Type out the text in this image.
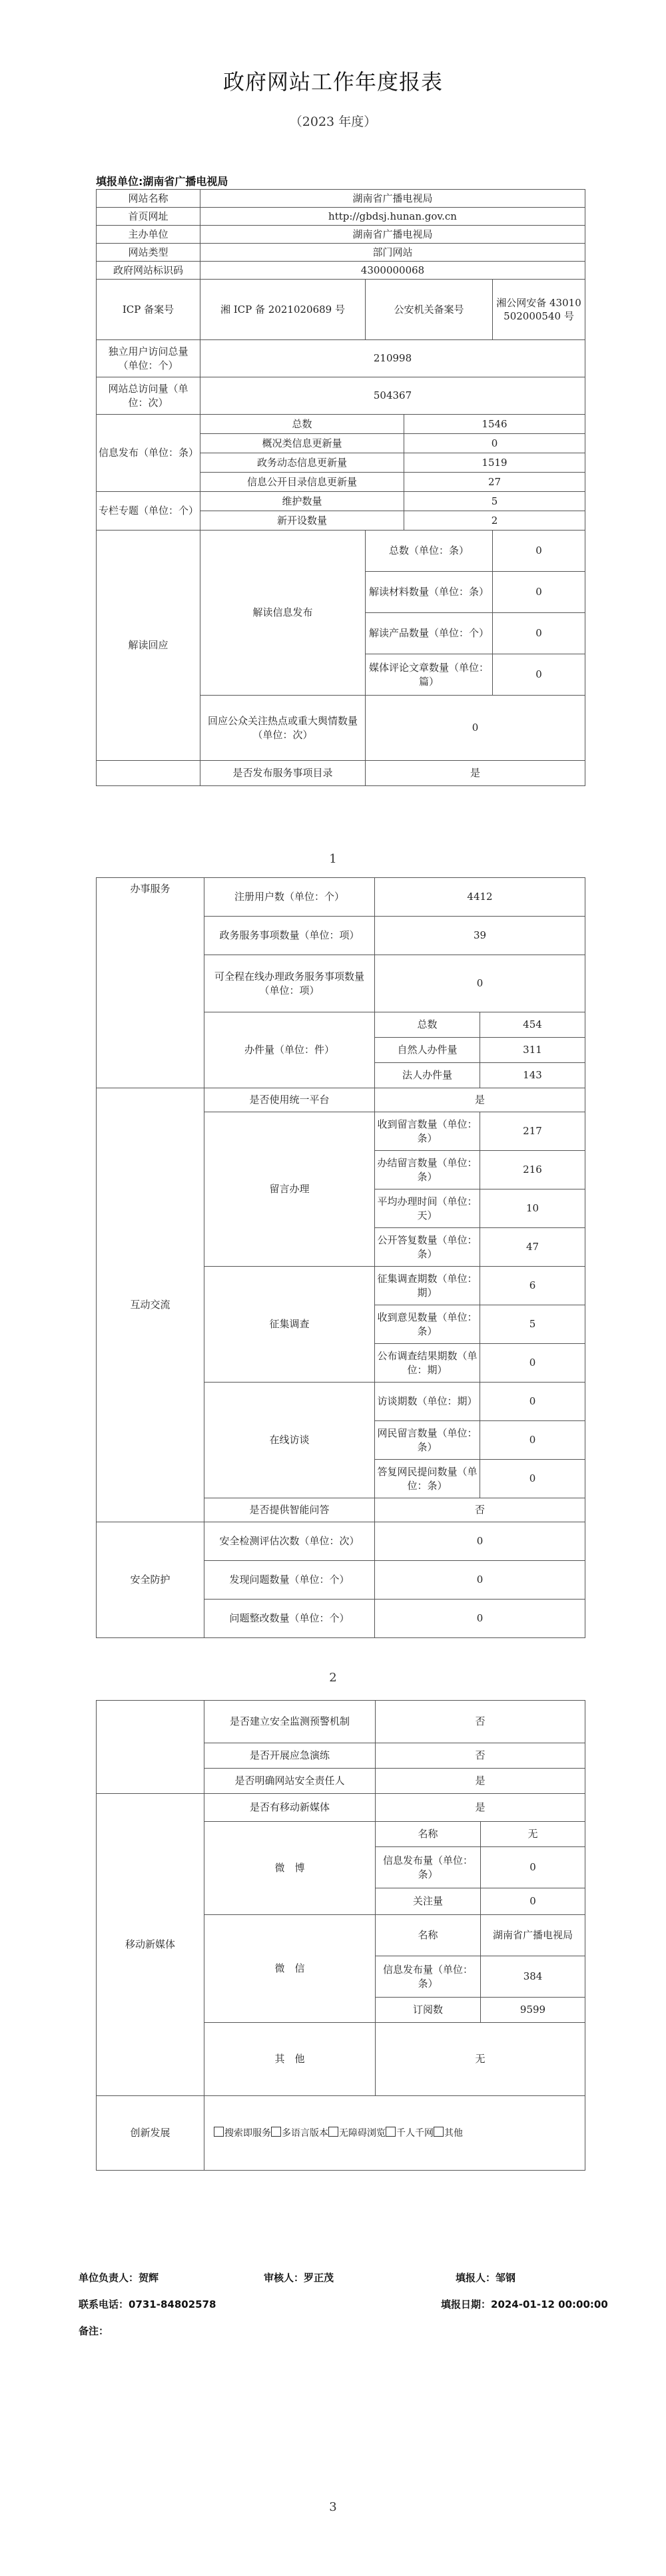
政府网站工作年度报表
（2023 年度）
填报单位:湖南省广播电视局
网站名称	湖南省广播电视局			
首页网址	http://gbdsj.hunan.gov.cn			
主办单位	湖南省广播电视局			
网站类型	部门网站			
政府网站标识码	4300000068			
ICP 备案号	湘 ICP 备 2021020689 号	公安机关备案号		湘公网安备 43010502000540 号
独立用户访问总量（单位：个）	210998			
网站总访问量（单位：次）	504367			
信息发布（单位：条）	总数		1546	
	概况类信息更新量		0	
	政务动态信息更新量		1519	
	信息公开目录信息更新量		27	
专栏专题（单位：个）	维护数量		5	
	新开设数量		2	
解读回应	解读信息发布	总数（单位：条）		0
		解读材料数量（单位：条）		0
		解读产品数量（单位：个）		0
		媒体评论文章数量（单位：篇）		0
	回应公众关注热点或重大舆情数量（单位：次）	0		
	是否发布服务事项目录	是		
1
办事服务	注册用户数（单位：个）	4412	
	政务服务事项数量（单位：项）	39	
	可全程在线办理政务服务事项数量（单位：项）	0	
	办件量（单位：件）	总数	454
		自然人办件量	311
		法人办件量	143
互动交流	是否使用统一平台	是	
	留言办理	收到留言数量（单位：条）	217
		办结留言数量（单位：条）	216
		平均办理时间（单位：天）	10
		公开答复数量（单位：条）	47
	征集调查	征集调查期数（单位：期）	6
		收到意见数量（单位：条）	5
		公布调查结果期数（单位：期）	0
	在线访谈	访谈期数（单位：期）	0
		网民留言数量（单位：条）	0
		答复网民提问数量（单位：条）	0
	是否提供智能问答	否	
安全防护	安全检测评估次数（单位：次）	0	
	发现问题数量（单位：个）	0	
	问题整改数量（单位：个）	0	
2
	是否建立安全监测预警机制	否	
	是否开展应急演练	否	
	是否明确网站安全责任人	是	
移动新媒体	是否有移动新媒体	是	
	微　博	名称	无
		信息发布量（单位：条）	0
		关注量	0
	微　信	名称	湖南省广播电视局
		信息发布量（单位：条）	384
		订阅数	9599
	其　他	无	
创新发展	搜索即服务 多语言版本 无障碍浏览 千人千网 其他		
单位负责人：贺辉	审核人：罗正茂	填报人：邹钢
联系电话：0731-84802578	填报日期：2024-01-12 00:00:00
备注：
3
